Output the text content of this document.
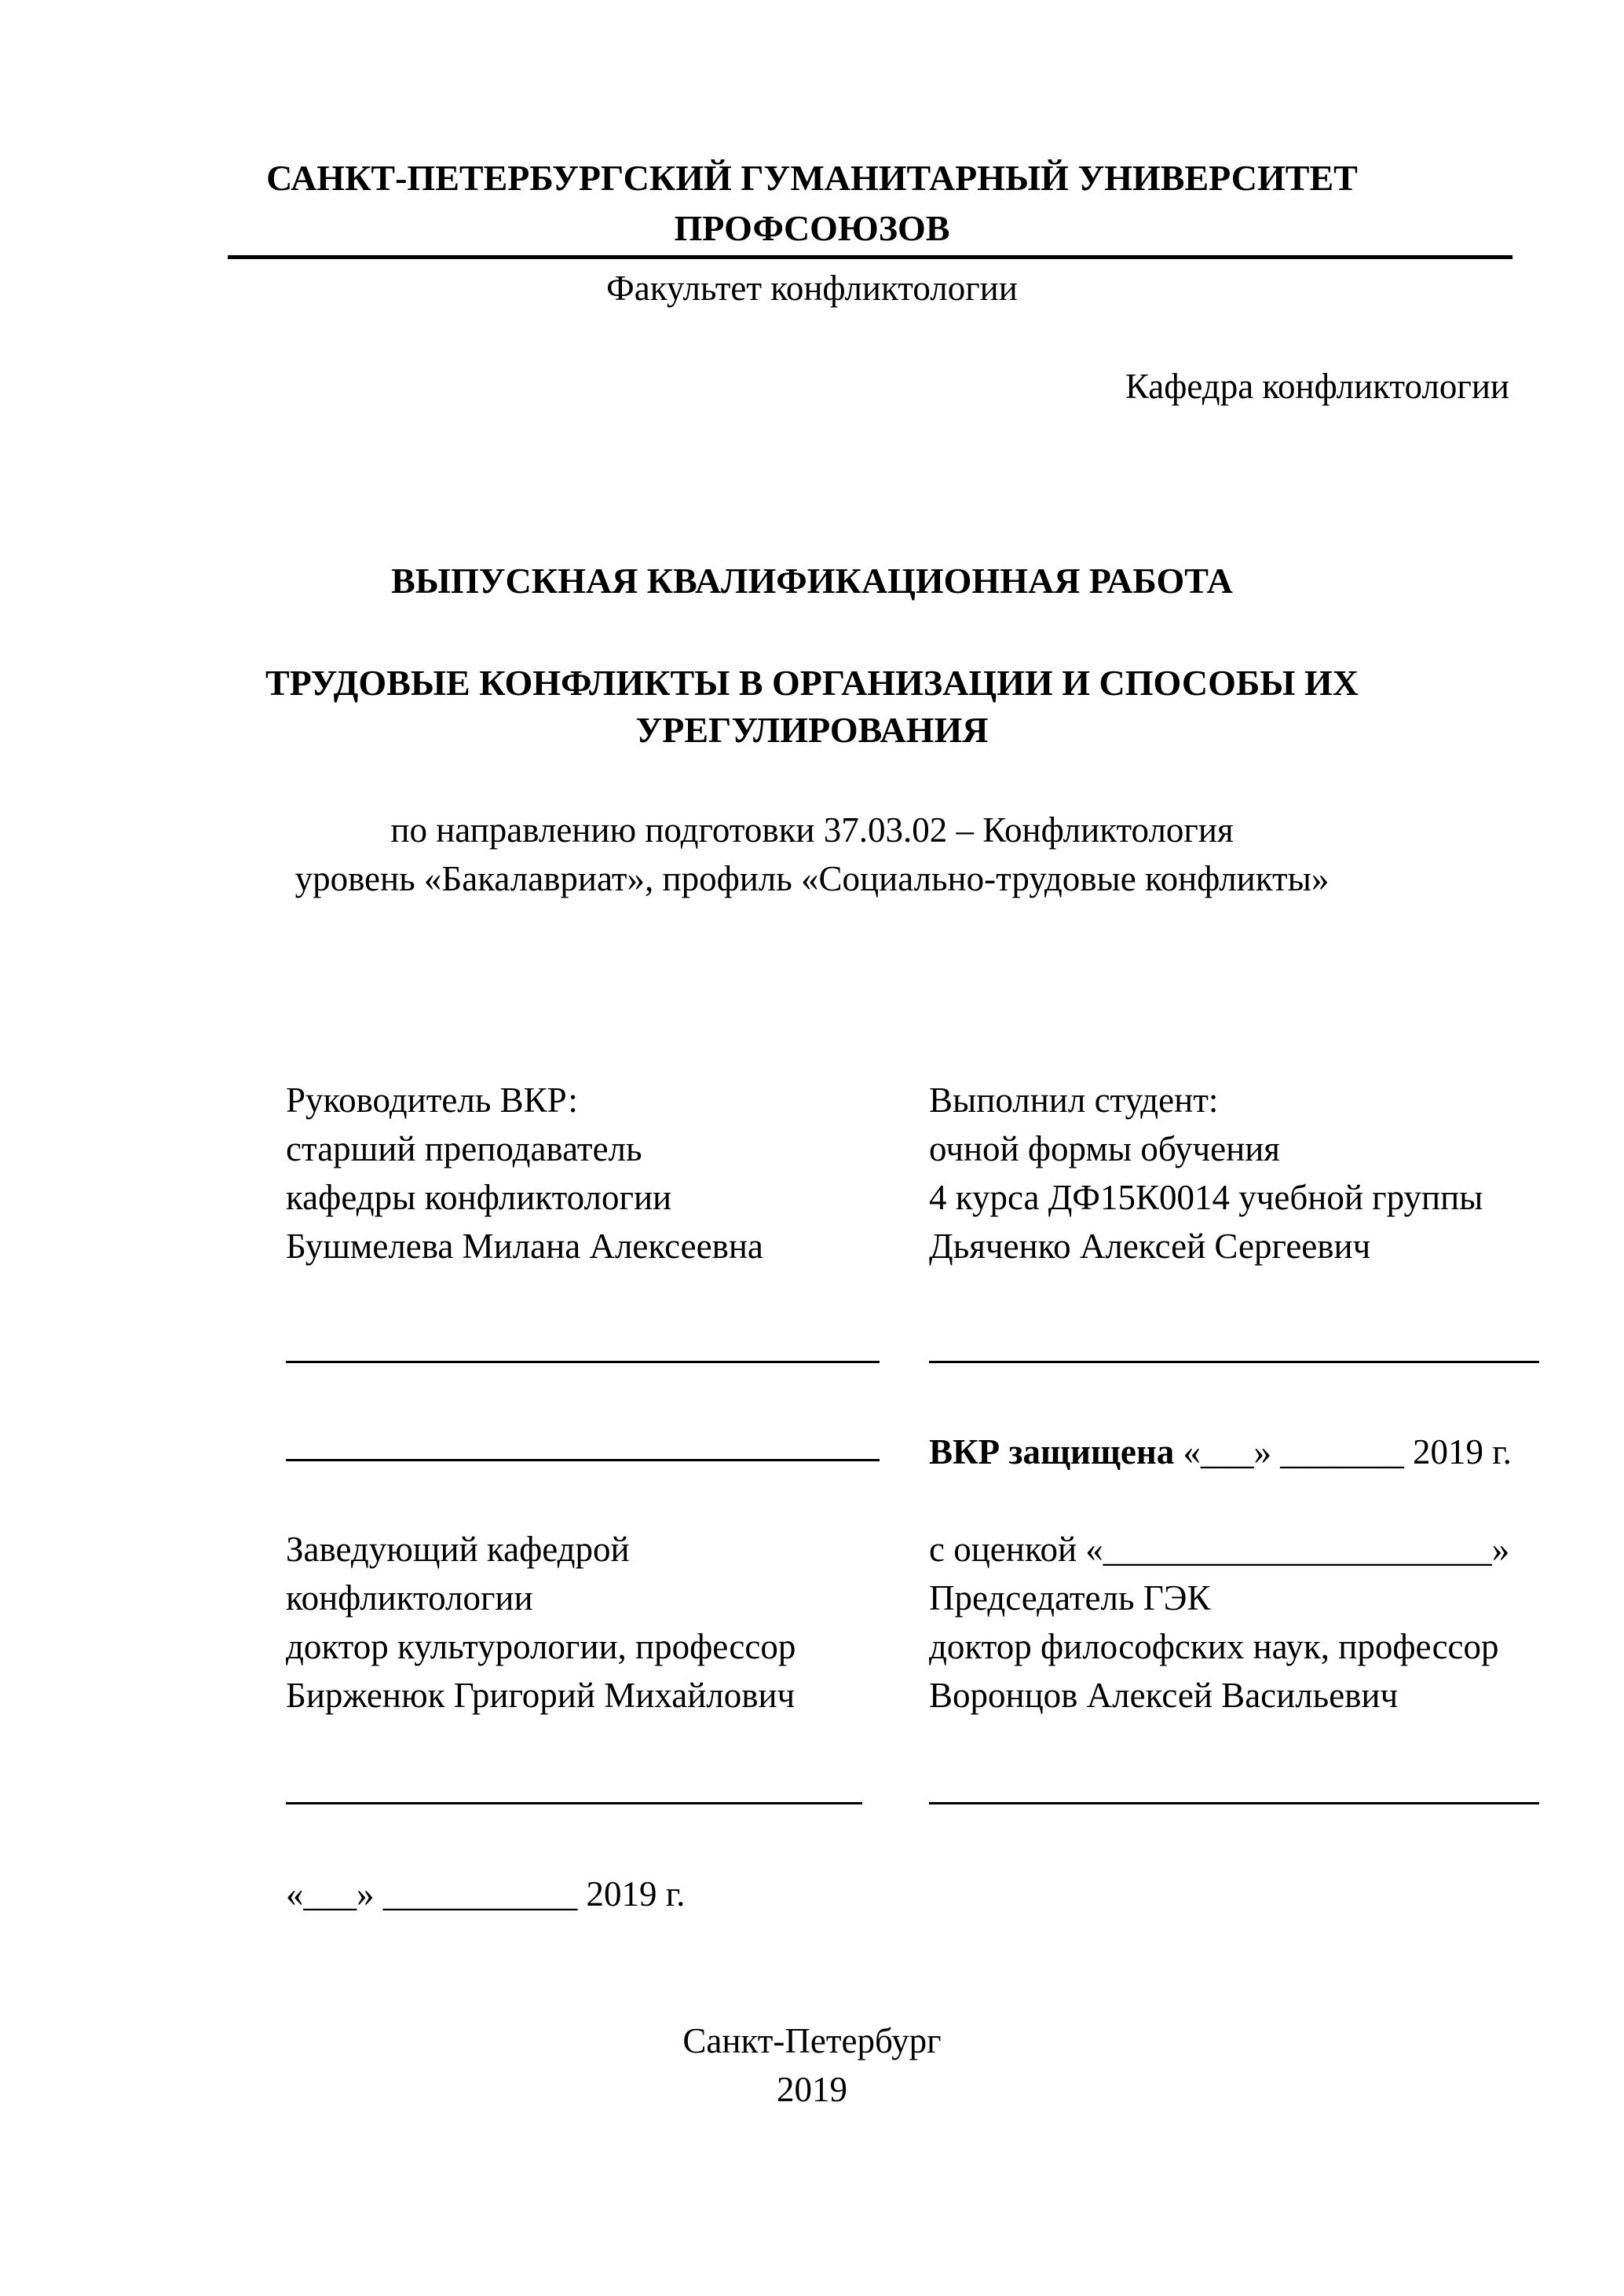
САНКТ-ПЕТЕРБУРГСКИЙ ГУМАНИТАРНЫЙ УНИВЕРСИТЕТ
ПРОФСОЮЗОВ
Факультет конфликтологии
Кафедра конфликтологии
ВЫПУСКНАЯ КВАЛИФИКАЦИОННАЯ РАБОТА
ТРУДОВЫЕ КОНФЛИКТЫ В ОРГАНИЗАЦИИ И СПОСОБЫ ИХ
УРЕГУЛИРОВАНИЯ
по направлению подготовки 37.03.02 – Конфликтология
уровень «Бакалавриат», профиль «Социально-трудовые конфликты»
Руководитель ВКР:
старший преподаватель
кафедры конфликтологии
Бушмелева Милана Алексеевна
Выполнил студент:
очной формы обучения
4 курса ДФ15К0014 учебной группы
Дьяченко Алексей Сергеевич
ВКР защищена «___» _______ 2019 г.
Заведующий кафедрой
конфликтологии
доктор культурологии, профессор
Бирженюк Григорий Михайлович
с оценкой «______________________»
Председатель ГЭК
доктор философских наук, профессор
Воронцов Алексей Васильевич
«___» ___________ 2019 г.
Санкт-Петербург
2019
